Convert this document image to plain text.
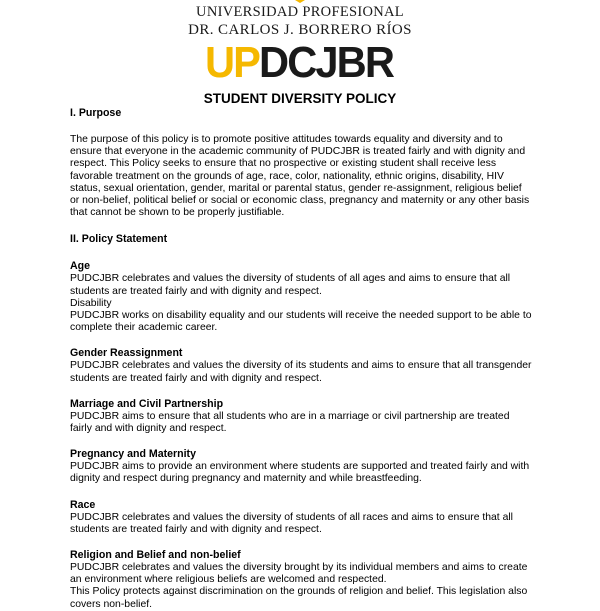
UNIVERSIDAD PROFESIONAL
DR. CARLOS J. BORRERO RÍOS
UPDCJBR
STUDENT DIVERSITY POLICY

I. Purpose

The purpose of this policy is to promote positive attitudes towards equality and diversity and to ensure that everyone in the academic community of PUDCJBR is treated fairly and with dignity and respect. This Policy seeks to ensure that no prospective or existing student shall receive less favorable treatment on the grounds of age, race, color, nationality, ethnic origins, disability, HIV status, sexual orientation, gender, marital or parental status, gender re-assignment, religious belief or non-belief, political belief or social or economic class, pregnancy and maternity or any other basis that cannot be shown to be properly justifiable.

II. Policy Statement

Age

PUDCJBR celebrates and values the diversity of students of all ages and aims to ensure that all students are treated fairly and with dignity and respect.

Disability

PUDCJBR works on disability equality and our students will receive the needed support to be able to complete their academic career.

Gender Reassignment

PUDCJBR celebrates and values the diversity of its students and aims to ensure that all transgender students are treated fairly and with dignity and respect.

Marriage and Civil Partnership

PUDCJBR aims to ensure that all students who are in a marriage or civil partnership are treated fairly and with dignity and respect.

Pregnancy and Maternity

PUDCJBR aims to provide an environment where students are supported and treated fairly and with dignity and respect during pregnancy and maternity and while breastfeeding.

Race

PUDCJBR celebrates and values the diversity of students of all races and aims to ensure that all students are treated fairly and with dignity and respect.

Religion and Belief and non-belief

PUDCJBR celebrates and values the diversity brought by its individual members and aims to create an environment where religious beliefs are welcomed and respected.

This Policy protects against discrimination on the grounds of religion and belief. This legislation also covers non-belief.
